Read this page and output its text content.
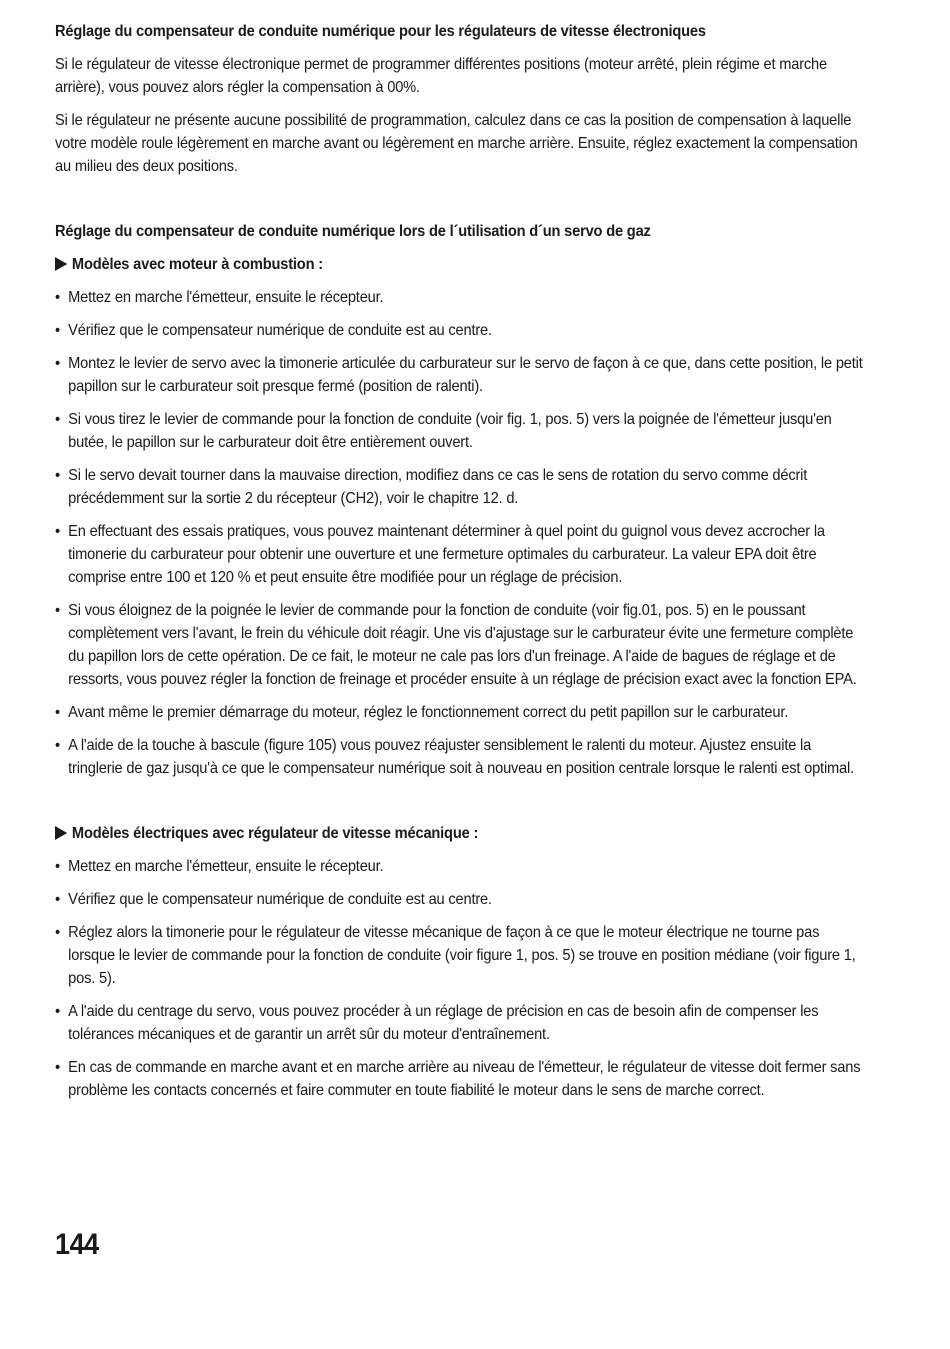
Réglage du compensateur de conduite numérique pour les régulateurs de vitesse électroniques

Si le régulateur de vitesse électronique permet de programmer différentes positions (moteur arrêté, plein régime et marche arrière), vous pouvez alors régler la compensation à 00%.

Si le régulateur ne présente aucune possibilité de programmation, calculez dans ce cas la position de compensation à laquelle votre modèle roule légèrement en marche avant ou légèrement en marche arrière. Ensuite, réglez exactement la compensation au milieu des deux positions.

Réglage du compensateur de conduite numérique lors de l´utilisation d´un servo de gaz
Modèles avec moteur à combustion :
• Mettez en marche l'émetteur, ensuite le récepteur.
• Vérifiez que le compensateur numérique de conduite est au centre.
• Montez le levier de servo avec la timonerie articulée du carburateur sur le servo de façon à ce que, dans cette position, le petit papillon sur le carburateur soit presque fermé (position de ralenti).
• Si vous tirez le levier de commande pour la fonction de conduite (voir fig. 1, pos. 5) vers la poignée de l'émetteur jusqu'en butée, le papillon sur le carburateur doit être entièrement ouvert.
• Si le servo devait tourner dans la mauvaise direction, modifiez dans ce cas le sens de rotation du servo comme décrit précédemment sur la sortie 2 du récepteur (CH2), voir le chapitre 12. d.
• En effectuant des essais pratiques, vous pouvez maintenant déterminer à quel point du guignol vous devez accrocher la timonerie du carburateur pour obtenir une ouverture et une fermeture optimales du carburateur. La valeur EPA doit être comprise entre 100 et 120 % et peut ensuite être modifiée pour un réglage de précision.
• Si vous éloignez de la poignée le levier de commande pour la fonction de conduite (voir fig.01, pos. 5) en le poussant complètement vers l'avant, le frein du véhicule doit réagir. Une vis d'ajustage sur le carburateur évite une fermeture complète du papillon lors de cette opération. De ce fait, le moteur ne cale pas lors d'un freinage. A l'aide de bagues de réglage et de ressorts, vous pouvez régler la fonction de freinage et procéder ensuite à un réglage de précision exact avec la fonction EPA.
• Avant même le premier démarrage du moteur, réglez le fonctionnement correct du petit papillon sur le carburateur.
• A l'aide de la touche à bascule (figure 105) vous pouvez réajuster sensiblement le ralenti du moteur. Ajustez ensuite la tringlerie de gaz jusqu'à ce que le compensateur numérique soit à nouveau en position centrale lorsque le ralenti est optimal.
Modèles électriques avec régulateur de vitesse mécanique :
• Mettez en marche l'émetteur, ensuite le récepteur.
• Vérifiez que le compensateur numérique de conduite est au centre.
• Réglez alors la timonerie pour le régulateur de vitesse mécanique de façon à ce que le moteur électrique ne tourne pas lorsque le levier de commande pour la fonction de conduite (voir figure 1, pos. 5) se trouve en position médiane (voir figure 1, pos. 5).
• A l'aide du centrage du servo, vous pouvez procéder à un réglage de précision en cas de besoin afin de compenser les tolérances mécaniques et de garantir un arrêt sûr du moteur d'entraînement.
• En cas de commande en marche avant et en marche arrière au niveau de l'émetteur, le régulateur de vitesse doit fermer sans problème les contacts concernés et faire commuter en toute fiabilité le moteur dans le sens de marche correct.
144
